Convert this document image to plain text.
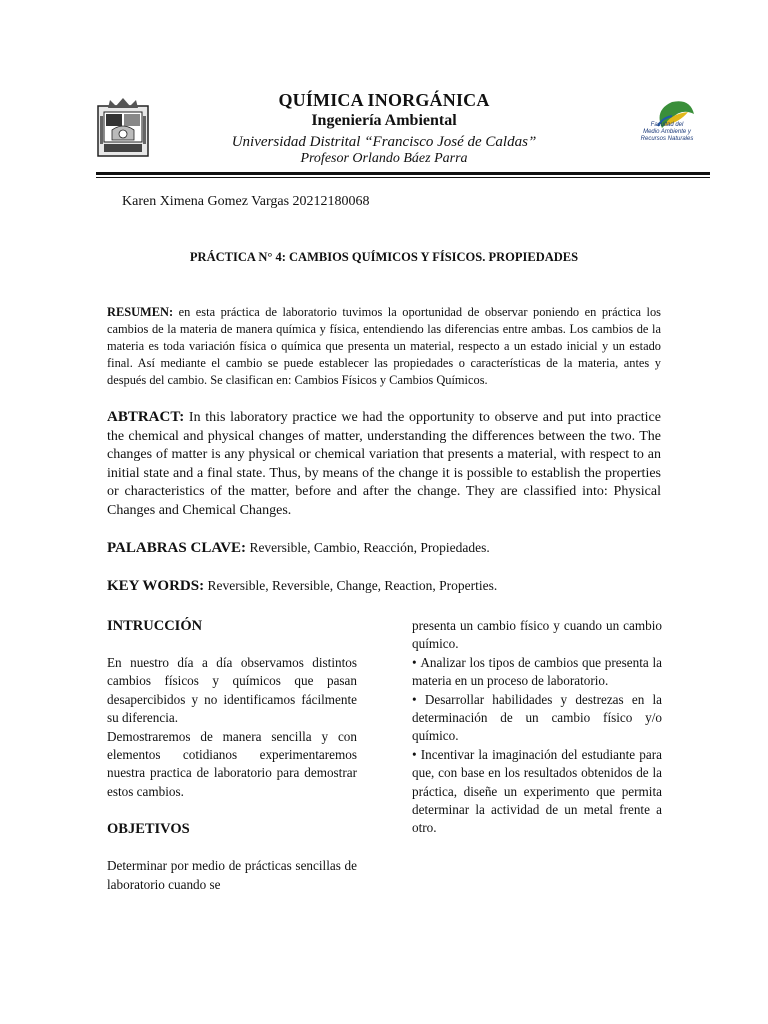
QUÍMICA INORGÁNICA
Ingeniería Ambiental
Universidad Distrital “Francisco José de Caldas”
Profesor Orlando Báez Parra
Facultad del
Medio Ambiente y
Recursos Naturales
Karen Ximena Gomez Vargas 20212180068
PRÁCTICA N° 4: CAMBIOS QUÍMICOS Y FÍSICOS. PROPIEDADES
RESUMEN: en esta práctica de laboratorio tuvimos la oportunidad de observar poniendo en práctica los cambios de la materia de manera química y física, entendiendo las diferencias entre ambas. Los cambios de la materia es toda variación física o química que presenta un material, respecto a un estado inicial y un estado final. Así mediante el cambio se puede establecer las propiedades o características de la materia, antes y después del cambio. Se clasifican en: Cambios Físicos y Cambios Químicos.
ABTRACT: In this laboratory practice we had the opportunity to observe and put into practice the chemical and physical changes of matter, understanding the differences between the two. The changes of matter is any physical or chemical variation that presents a material, with respect to an initial state and a final state. Thus, by means of the change it is possible to establish the properties or characteristics of the matter, before and after the change. They are classified into: Physical Changes and Chemical Changes.
PALABRAS CLAVE: Reversible, Cambio, Reacción, Propiedades.
KEY WORDS: Reversible, Reversible, Change, Reaction, Properties.
INTRUCCIÓN

En nuestro día a día observamos distintos cambios físicos y químicos que pasan desapercibidos y no identificamos fácilmente su diferencia.

Demostraremos de manera sencilla y con elementos cotidianos experimentaremos nuestra practica de laboratorio para demostrar estos cambios.

OBJETIVOS

Determinar por medio de prácticas sencillas de laboratorio cuando se

presenta un cambio físico y cuando un cambio químico.

• Analizar los tipos de cambios que presenta la materia en un proceso de laboratorio.

• Desarrollar habilidades y destrezas en la determinación de un cambio físico y/o químico.

• Incentivar la imaginación del estudiante para que, con base en los resultados obtenidos de la práctica, diseñe un experimento que permita determinar la actividad de un metal frente a otro.
